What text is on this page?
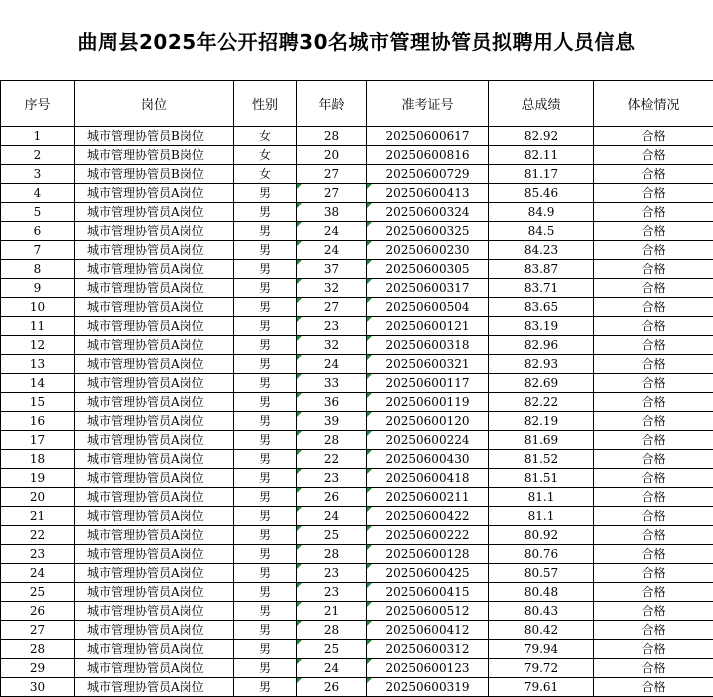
曲周县2025年公开招聘30名城市管理协管员拟聘用人员信息
序号	岗位	性别	年龄	准考证号	总成绩	体检情况
1	城市管理协管员B岗位	女	28	20250600617	82.92	合格
2	城市管理协管员B岗位	女	20	20250600816	82.11	合格
3	城市管理协管员B岗位	女	27	20250600729	81.17	合格
4	城市管理协管员A岗位	男	27	20250600413	85.46	合格
5	城市管理协管员A岗位	男	38	20250600324	84.9	合格
6	城市管理协管员A岗位	男	24	20250600325	84.5	合格
7	城市管理协管员A岗位	男	24	20250600230	84.23	合格
8	城市管理协管员A岗位	男	37	20250600305	83.87	合格
9	城市管理协管员A岗位	男	32	20250600317	83.71	合格
10	城市管理协管员A岗位	男	27	20250600504	83.65	合格
11	城市管理协管员A岗位	男	23	20250600121	83.19	合格
12	城市管理协管员A岗位	男	32	20250600318	82.96	合格
13	城市管理协管员A岗位	男	24	20250600321	82.93	合格
14	城市管理协管员A岗位	男	33	20250600117	82.69	合格
15	城市管理协管员A岗位	男	36	20250600119	82.22	合格
16	城市管理协管员A岗位	男	39	20250600120	82.19	合格
17	城市管理协管员A岗位	男	28	20250600224	81.69	合格
18	城市管理协管员A岗位	男	22	20250600430	81.52	合格
19	城市管理协管员A岗位	男	23	20250600418	81.51	合格
20	城市管理协管员A岗位	男	26	20250600211	81.1	合格
21	城市管理协管员A岗位	男	24	20250600422	81.1	合格
22	城市管理协管员A岗位	男	25	20250600222	80.92	合格
23	城市管理协管员A岗位	男	28	20250600128	80.76	合格
24	城市管理协管员A岗位	男	23	20250600425	80.57	合格
25	城市管理协管员A岗位	男	23	20250600415	80.48	合格
26	城市管理协管员A岗位	男	21	20250600512	80.43	合格
27	城市管理协管员A岗位	男	28	20250600412	80.42	合格
28	城市管理协管员A岗位	男	25	20250600312	79.94	合格
29	城市管理协管员A岗位	男	24	20250600123	79.72	合格
30	城市管理协管员A岗位	男	26	20250600319	79.61	合格
